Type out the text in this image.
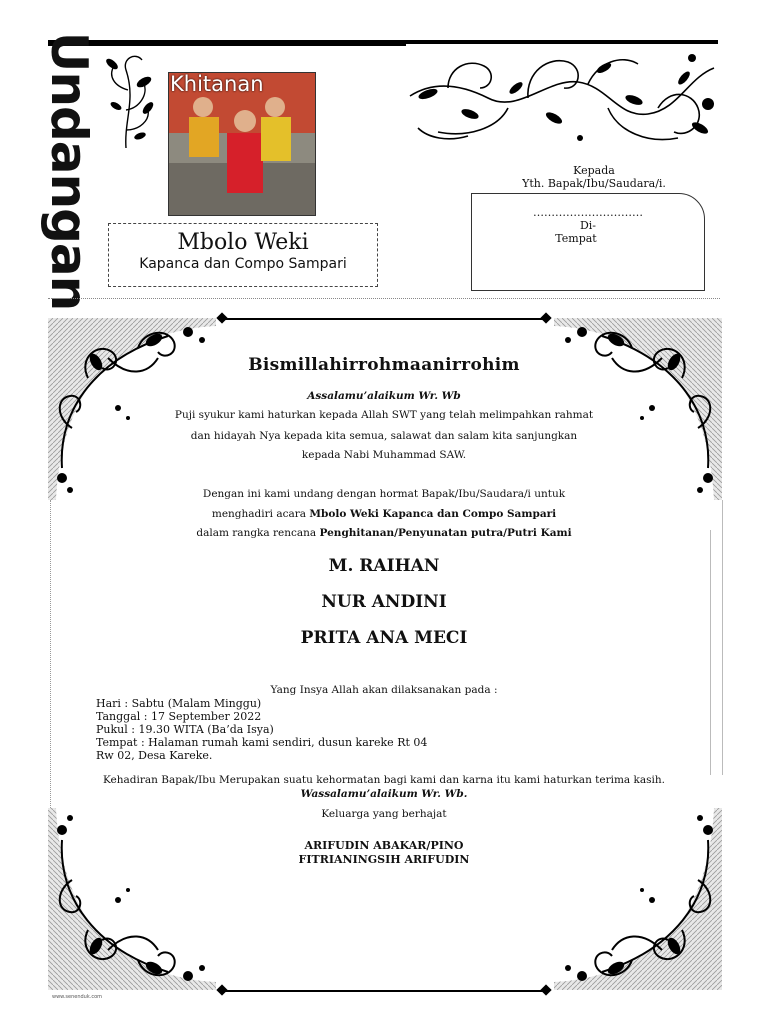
Undangan	Khitanan
Mbolo Weki
Kapanca dan Compo Sampari
Kepada
Yth. Bapak/Ibu/Saudara/i.
…………………………
Di-
Tempat
Bismillahirrohmaanirrohim
Assalamu’alaikum Wr. Wb
Puji syukur kami haturkan kepada Allah SWT yang telah melimpahkan rahmat
dan hidayah Nya kepada kita semua, salawat dan salam kita sanjungkan
kepada Nabi Muhammad SAW.
Dengan ini kami undang dengan hormat Bapak/Ibu/Saudara/i untuk
menghadiri acara Mbolo Weki Kapanca dan Compo Sampari
dalam rangka rencana Penghitanan/Penyunatan putra/Putri Kami
M. RAIHAN
NUR ANDINI
PRITA ANA MECI
Yang Insya Allah akan dilaksanakan pada :
Hari : Sabtu (Malam Minggu)
Tanggal : 17 September 2022
Pukul : 19.30 WITA (Ba’da Isya)
Tempat : Halaman rumah kami sendiri, dusun kareke Rt 04
Rw 02, Desa Kareke.
Kehadiran Bapak/Ibu Merupakan suatu kehormatan bagi kami dan karna itu kami haturkan terima kasih.
Wassalamu’alaikum Wr. Wb.
Keluarga yang berhajat
ARIFUDIN ABAKAR/PINO
FITRIANINGSIH ARIFUDIN
www.senenduk.com
